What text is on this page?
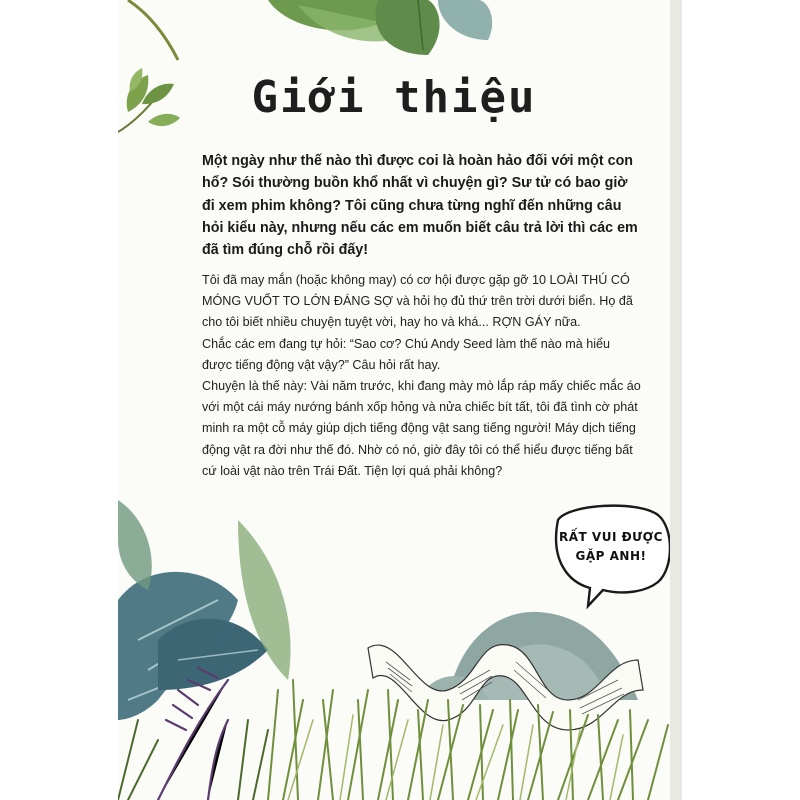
Giới thiệu
Một ngày như thế nào thì được coi là hoàn hảo đối với một con hổ? Sói thường buồn khổ nhất vì chuyện gì? Sư tử có bao giờ đi xem phim không? Tôi cũng chưa từng nghĩ đến những câu hỏi kiểu này, nhưng nếu các em muốn biết câu trả lời thì các em đã tìm đúng chỗ rồi đấy!

Tôi đã may mắn (hoặc không may) có cơ hội được gặp gỡ 10 LOÀI THÚ CÓ MÓNG VUỐT TO LỚN ĐÁNG SỢ và hỏi họ đủ thứ trên trời dưới biển. Họ đã cho tôi biết nhiều chuyện tuyệt vời, hay ho và khá... RỢN GÁY nữa.

Chắc các em đang tự hỏi: “Sao cơ? Chú Andy Seed làm thế nào mà hiểu được tiếng động vật vậy?” Câu hỏi rất hay.

Chuyện là thế này: Vài năm trước, khi đang mày mò lắp ráp mấy chiếc mắc áo với một cái máy nướng bánh xốp hỏng và nửa chiếc bít tất, tôi đã tình cờ phát minh ra một cỗ máy giúp dịch tiếng động vật sang tiếng người! Máy dịch tiếng động vật ra đời như thế đó. Nhờ có nó, giờ đây tôi có thể hiểu được tiếng bất cứ loài vật nào trên Trái Đất. Tiện lợi quá phải không?

RẤT VUI ĐƯỢC
GẶP ANH!
